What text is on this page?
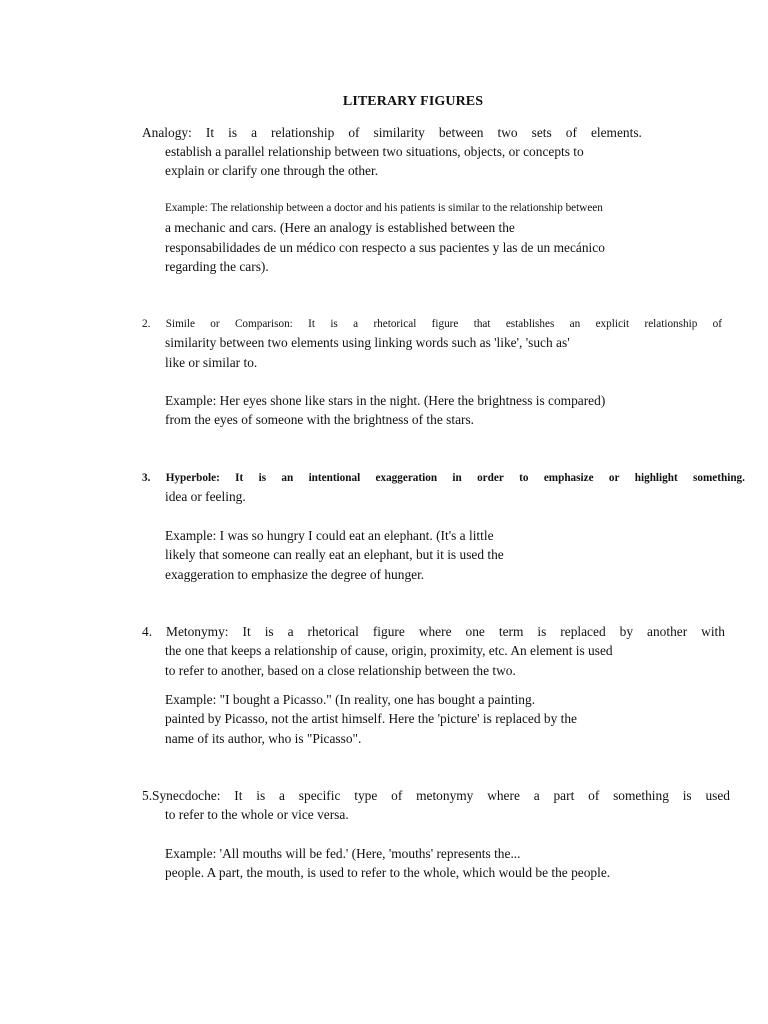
LITERARY FIGURES
Analogy: It is a relationship of similarity between two sets of elements.
establish a parallel relationship between two situations, objects, or concepts to
explain or clarify one through the other.
Example: The relationship between a doctor and his patients is similar to the relationship between
a mechanic and cars. (Here an analogy is established between the
responsabilidades de un médico con respecto a sus pacientes y las de un mecánico
regarding the cars).
2. Simile or Comparison: It is a rhetorical figure that establishes an explicit relationship of
similarity between two elements using linking words such as 'like', 'such as'
like or similar to.
Example: Her eyes shone like stars in the night. (Here the brightness is compared)
from the eyes of someone with the brightness of the stars.
3. Hyperbole: It is an intentional exaggeration in order to emphasize or highlight something.
idea or feeling.
Example: I was so hungry I could eat an elephant. (It's a little
likely that someone can really eat an elephant, but it is used the
exaggeration to emphasize the degree of hunger.
4. Metonymy: It is a rhetorical figure where one term is replaced by another with
the one that keeps a relationship of cause, origin, proximity, etc. An element is used
to refer to another, based on a close relationship between the two.
Example: "I bought a Picasso." (In reality, one has bought a painting.
painted by Picasso, not the artist himself. Here the 'picture' is replaced by the
name of its author, who is "Picasso".
5.Synecdoche: It is a specific type of metonymy where a part of something is used
to refer to the whole or vice versa.
Example: 'All mouths will be fed.' (Here, 'mouths' represents the...
people. A part, the mouth, is used to refer to the whole, which would be the people.
